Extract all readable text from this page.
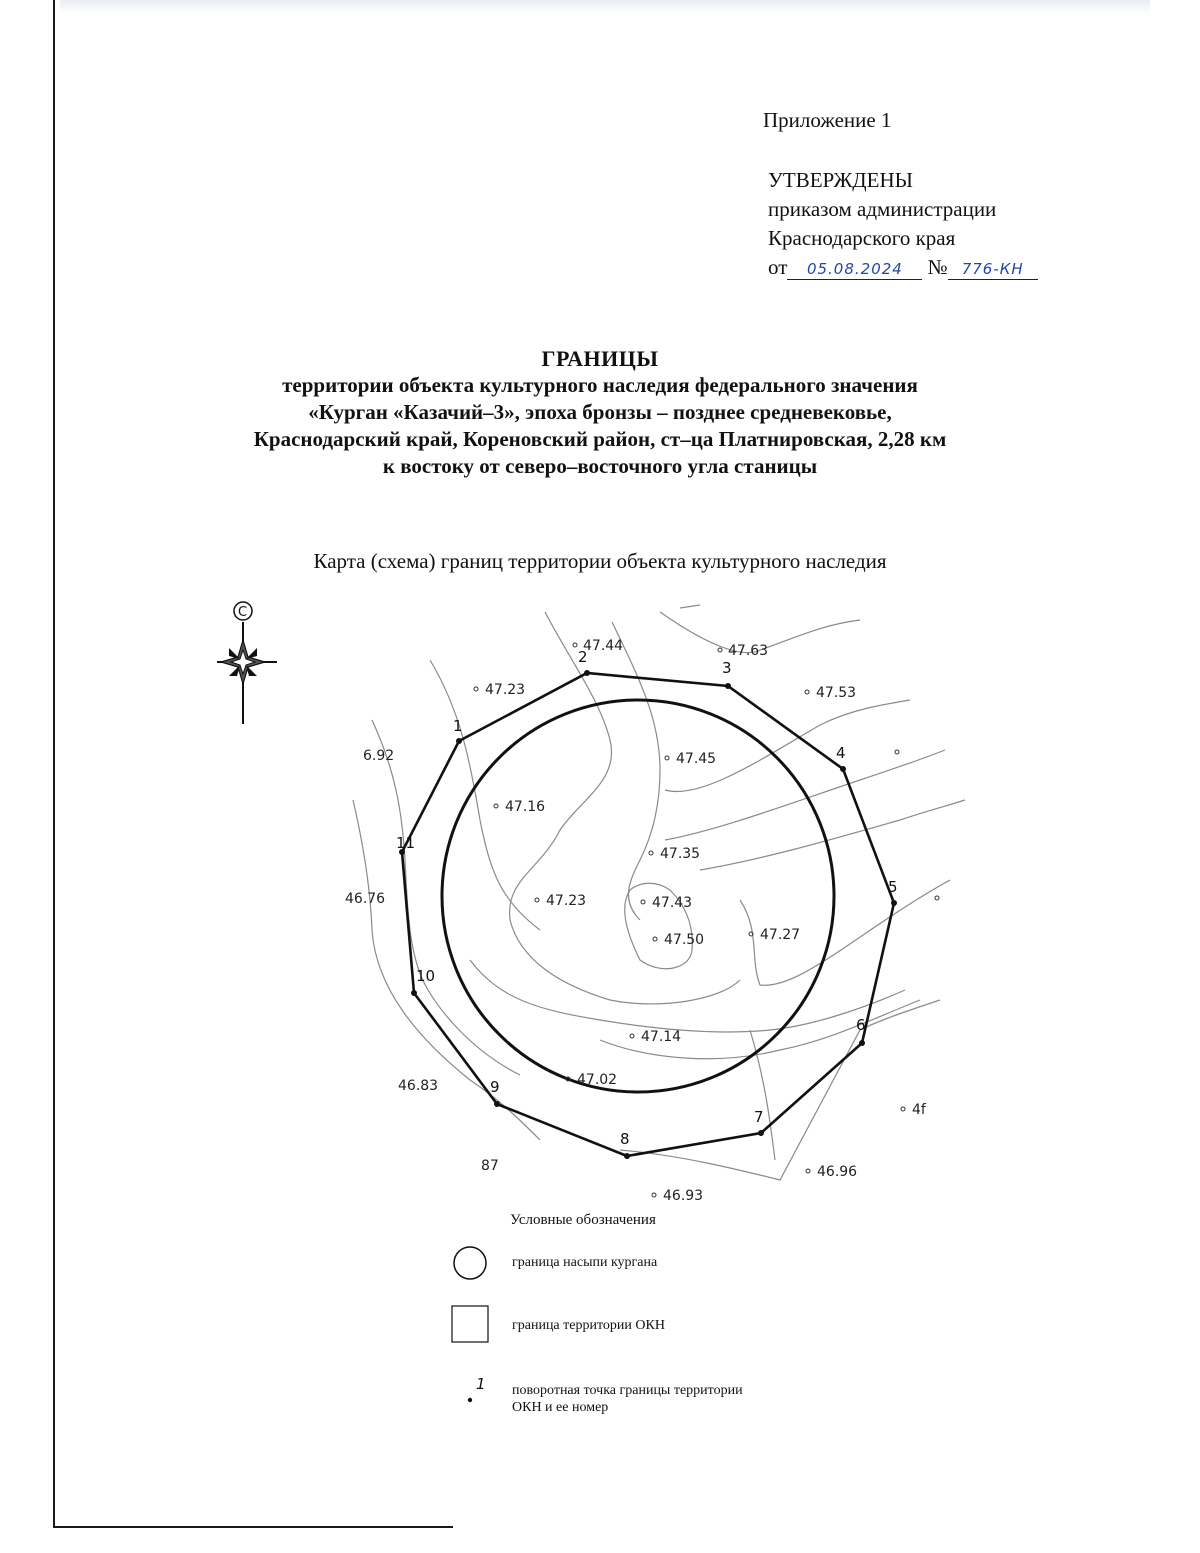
Приложение 1
УТВЕРЖДЕНЫ
приказом администрации
Краснодарского края
от 05.08.2024 № 776-КН
ГРАНИЦЫ
территории объекта культурного наследия федерального значения
«Курган «Казачий–3», эпоха бронзы – позднее средневековье,
Краснодарский край, Кореновский район, ст–ца Платнировская, 2,28 км
к востоку от северо–восточного угла станицы
Карта (схема) границ территории объекта культурного наследия
1
2
3
4
5
6
7
8
9
10
11
47.44	47.63
47.23	47.53
6.92	47.45
47.16
47.35
46.76	47.23	47.43
47.50	47.27
47.14
47.02
46.83
4f
87	46.96
46.93
С
Условные обозначения
граница насыпи кургана
граница территории ОКН
1 поворотная точка границы территории
ОКН и ее номер
